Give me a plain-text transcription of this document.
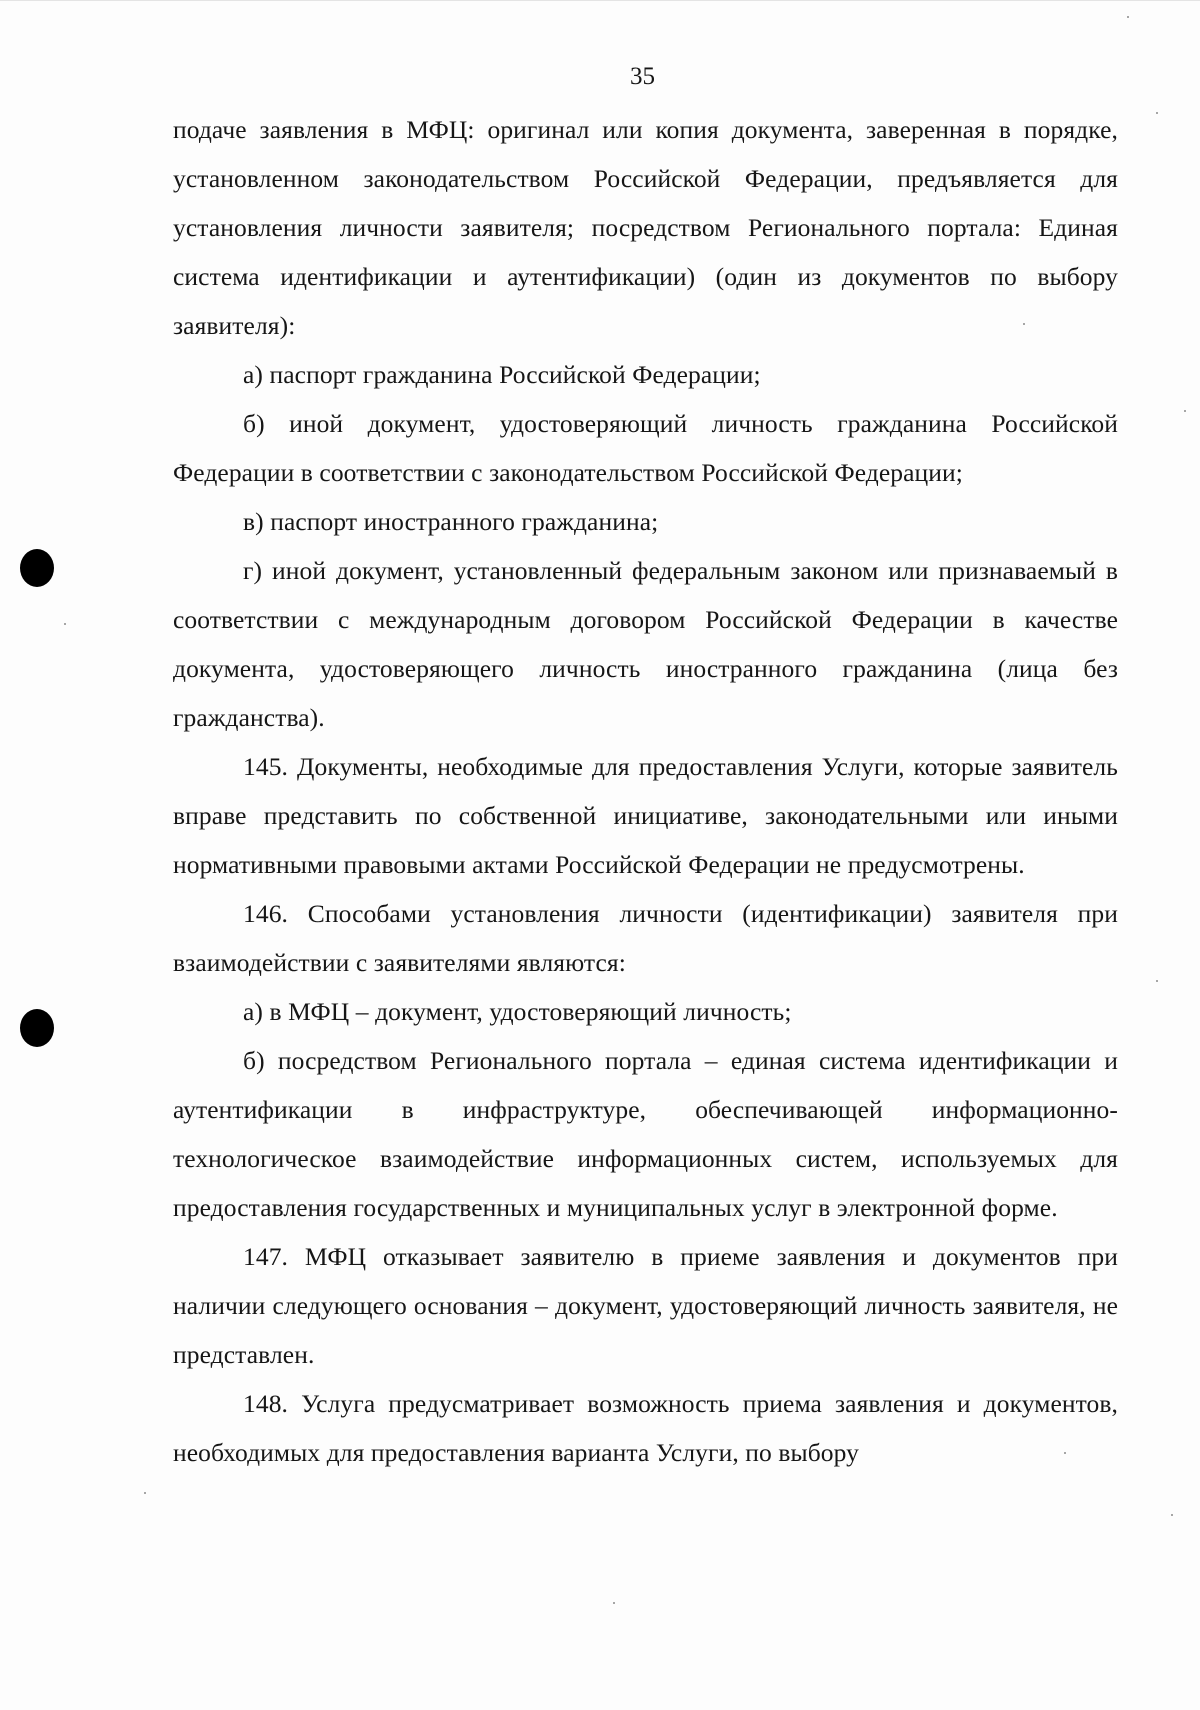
35

подаче заявления в МФЦ: оригинал или копия документа, заверенная в порядке, установленном законодательством Российской Федерации, предъявляется для установления личности заявителя; посредством Регионального портала: Единая система идентификации и аутентификации) (один из документов по выбору заявителя):

а) паспорт гражданина Российской Федерации;

б) иной документ, удостоверяющий личность гражданина Российской Федерации в соответствии с законодательством Российской Федерации;

в) паспорт иностранного гражданина;

г) иной документ, установленный федеральным законом или признаваемый в соответствии с международным договором Российской Федерации в качестве документа, удостоверяющего личность иностранного гражданина (лица без гражданства).

145. Документы, необходимые для предоставления Услуги, которые заявитель вправе представить по собственной инициативе, законодательными или иными нормативными правовыми актами Российской Федерации не предусмотрены.

146. Способами установления личности (идентификации) заявителя при взаимодействии с заявителями являются:

а) в МФЦ – документ, удостоверяющий личность;

б) посредством Регионального портала – единая система идентификации и аутентификации в инфраструктуре, обеспечивающей информационно-технологическое взаимодействие информационных систем, используемых для предоставления государственных и муниципальных услуг в электронной форме.

147. МФЦ отказывает заявителю в приеме заявления и документов при наличии следующего основания – документ, удостоверяющий личность заявителя, не представлен.

148. Услуга предусматривает возможность приема заявления и документов, необходимых для предоставления варианта Услуги, по выбору
